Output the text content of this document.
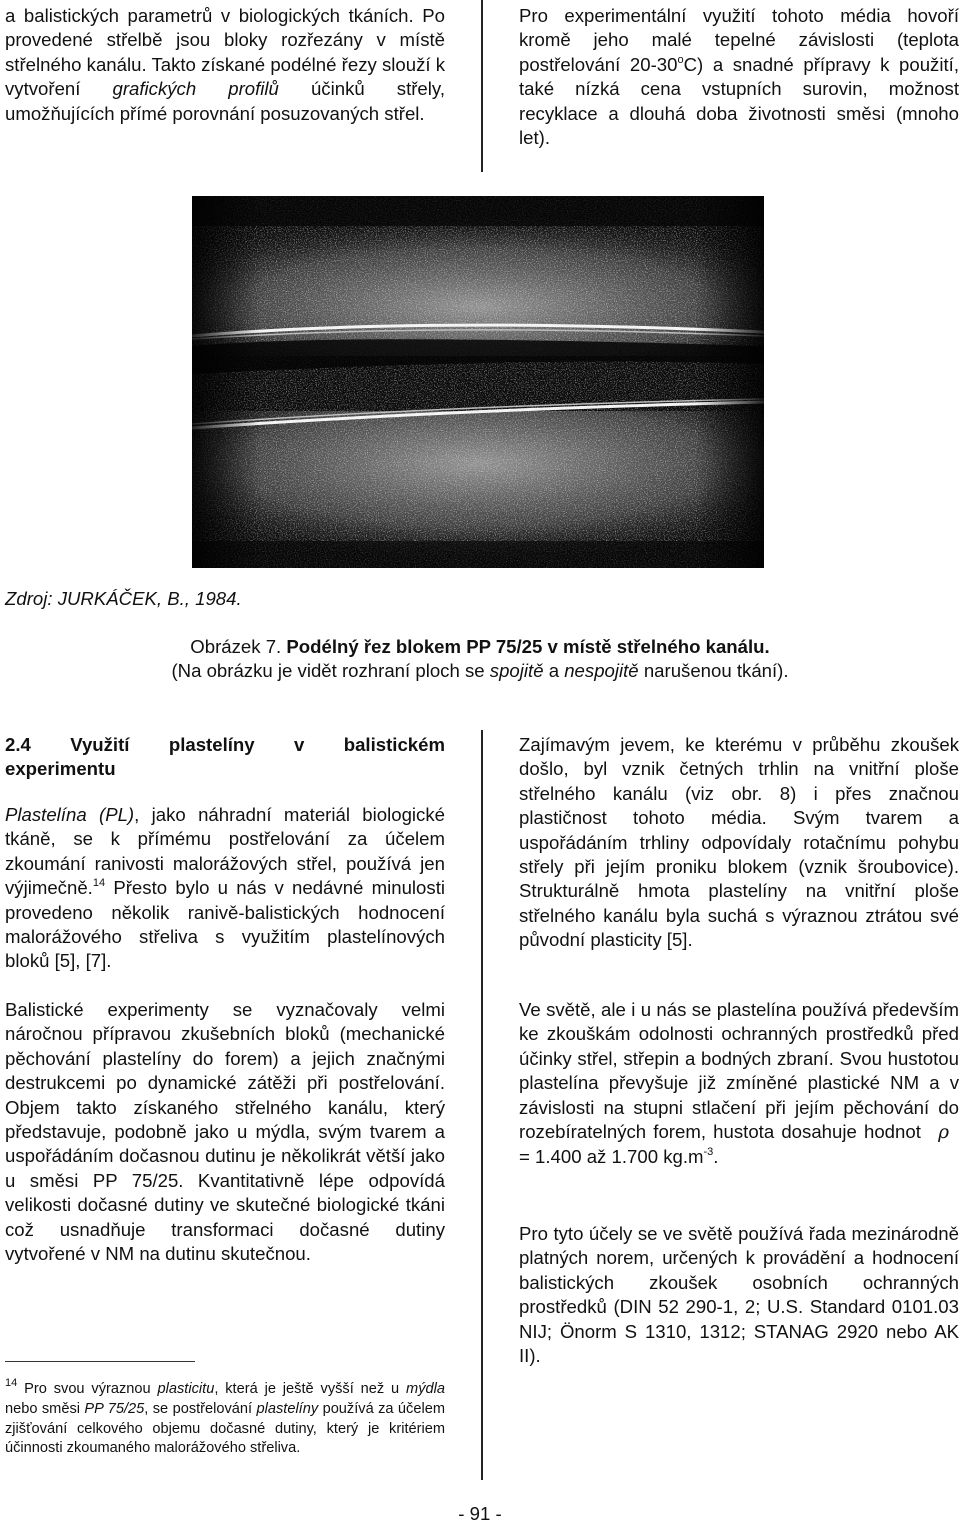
a balistických parametrů v biologických tkáních. Po provedené střelbě jsou bloky rozřezány v místě střelného kanálu. Takto získané podélné řezy slouží k vytvoření grafických profilů účinků střely, umožňujících přímé porovnání posuzovaných střel.

Pro experimentální využití tohoto média hovoří kromě jeho malé tepelné závislosti (teplota postřelování 20-30$^o$C) a snadné přípravy k použití, také nízká cena vstupních surovin, možnost recyklace a dlouhá doba životnosti směsi (mnoho let).

Zdroj: JURKÁČEK, B., 1984.
Obrázek 7. Podélný řez blokem PP 75/25 v místě střelného kanálu.
(Na obrázku je vidět rozhraní ploch se spojitě a nespojitě narušenou tkání).

2.4 Využití plastelíny v balistickém

experimentu

Plastelína (PL), jako náhradní materiál biologické tkáně, se k přímému postřelování za účelem zkoumání ranivosti malorážových střel, používá jen výjimečně.$^{14}$ Přesto bylo u nás v nedávné minulosti provedeno několik ranivě-balistických hodnocení malorážového střeliva s využitím plastelínových bloků [5], [7].

Balistické experimenty se vyznačovaly velmi náročnou přípravou zkušebních bloků (mechanické pěchování plastelíny do forem) a jejich značnými destrukcemi po dynamické zátěži při postřelování. Objem takto získaného střelného kanálu, který představuje, podobně jako u mýdla, svým tvarem a uspořádáním dočasnou dutinu je několikrát větší jako u směsi PP 75/25. Kvantitativně lépe odpovídá velikosti dočasné dutiny ve skutečné biologické tkáni což usnadňuje transformaci dočasné dutiny vytvořené v NM na dutinu skutečnou.

Zajímavým jevem, ke kterému v průběhu zkoušek došlo, byl vznik četných trhlin na vnitřní ploše střelného kanálu (viz obr. 8) i přes značnou plastičnost tohoto média. Svým tvarem a uspořádáním trhliny odpovídaly rotačnímu pohybu střely při jejím proniku blokem (vznik šroubovice). Strukturálně hmota plastelíny na vnitřní ploše střelného kanálu byla suchá s výraznou ztrátou své původní plasticity [5].

Ve světě, ale i u nás se plastelína používá především ke zkouškám odolnosti ochranných prostředků před účinky střel, střepin a bodných zbraní. Svou hustotou plastelína převyšuje již zmíněné plastické NM a v závislosti na stupni stlačení při jejím pěchování do rozebíratelných forem, hustota dosahuje hodnot ρ = 1.400 až 1.700 $kg.m^{-3}$.

Pro tyto účely se ve světě používá řada mezinárodně platných norem, určených k provádění a hodnocení balistických zkoušek osobních ochranných prostředků (DIN 52 290-1, 2; U.S. Standard 0101.03 NIJ; Önorm S 1310, 1312; STANAG 2920 nebo AK II).

$^{14}$ Pro svou výraznou plasticitu, která je ještě vyšší než u mýdla nebo směsi PP 75/25, se postřelování plastelíny používá za účelem zjišťování celkového objemu dočasné dutiny, který je kritériem účinnosti zkoumaného malorážového střeliva.
- 91 -
